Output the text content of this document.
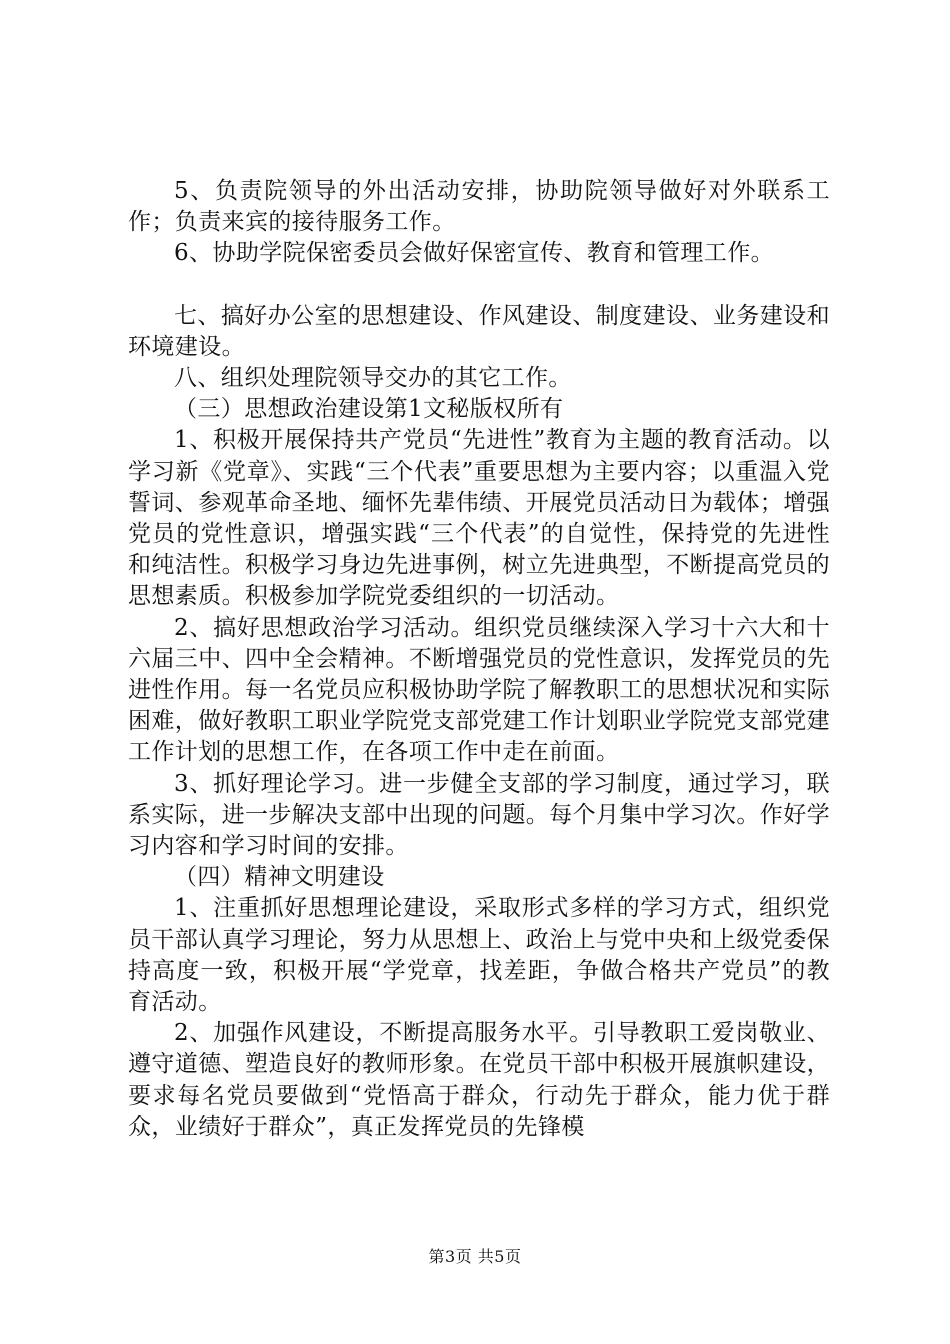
5、负责院领导的外出活动安排，协助院领导做好对外联系工作；负责来宾的接待服务工作。

6、协助学院保密委员会做好保密宣传、教育和管理工作。

七、搞好办公室的思想建设、作风建设、制度建设、业务建设和环境建设。

八、组织处理院领导交办的其它工作。

（三）思想政治建设第1文秘版权所有

1、积极开展保持共产党员“先进性”教育为主题的教育活动。以学习新《党章》、实践“三个代表”重要思想为主要内容；以重温入党誓词、参观革命圣地、缅怀先辈伟绩、开展党员活动日为载体；增强党员的党性意识，增强实践“三个代表”的自觉性，保持党的先进性和纯洁性。积极学习身边先进事例，树立先进典型，不断提高党员的思想素质。积极参加学院党委组织的一切活动。

2、搞好思想政治学习活动。组织党员继续深入学习十六大和十六届三中、四中全会精神。不断增强党员的党性意识，发挥党员的先进性作用。每一名党员应积极协助学院了解教职工的思想状况和实际困难，做好教职工职业学院党支部党建工作计划职业学院党支部党建工作计划的思想工作，在各项工作中走在前面。

3、抓好理论学习。进一步健全支部的学习制度，通过学习，联系实际，进一步解决支部中出现的问题。每个月集中学习次。作好学习内容和学习时间的安排。

（四）精神文明建设

1、注重抓好思想理论建设，采取形式多样的学习方式，组织党员干部认真学习理论，努力从思想上、政治上与党中央和上级党委保持高度一致，积极开展“学党章，找差距，争做合格共产党员”的教育活动。

2、加强作风建设，不断提高服务水平。引导教职工爱岗敬业、遵守道德、塑造良好的教师形象。在党员干部中积极开展旗帜建设，要求每名党员要做到“党悟高于群众，行动先于群众，能力优于群众，业绩好于群众”，真正发挥党员的先锋模

第3页 共5页
